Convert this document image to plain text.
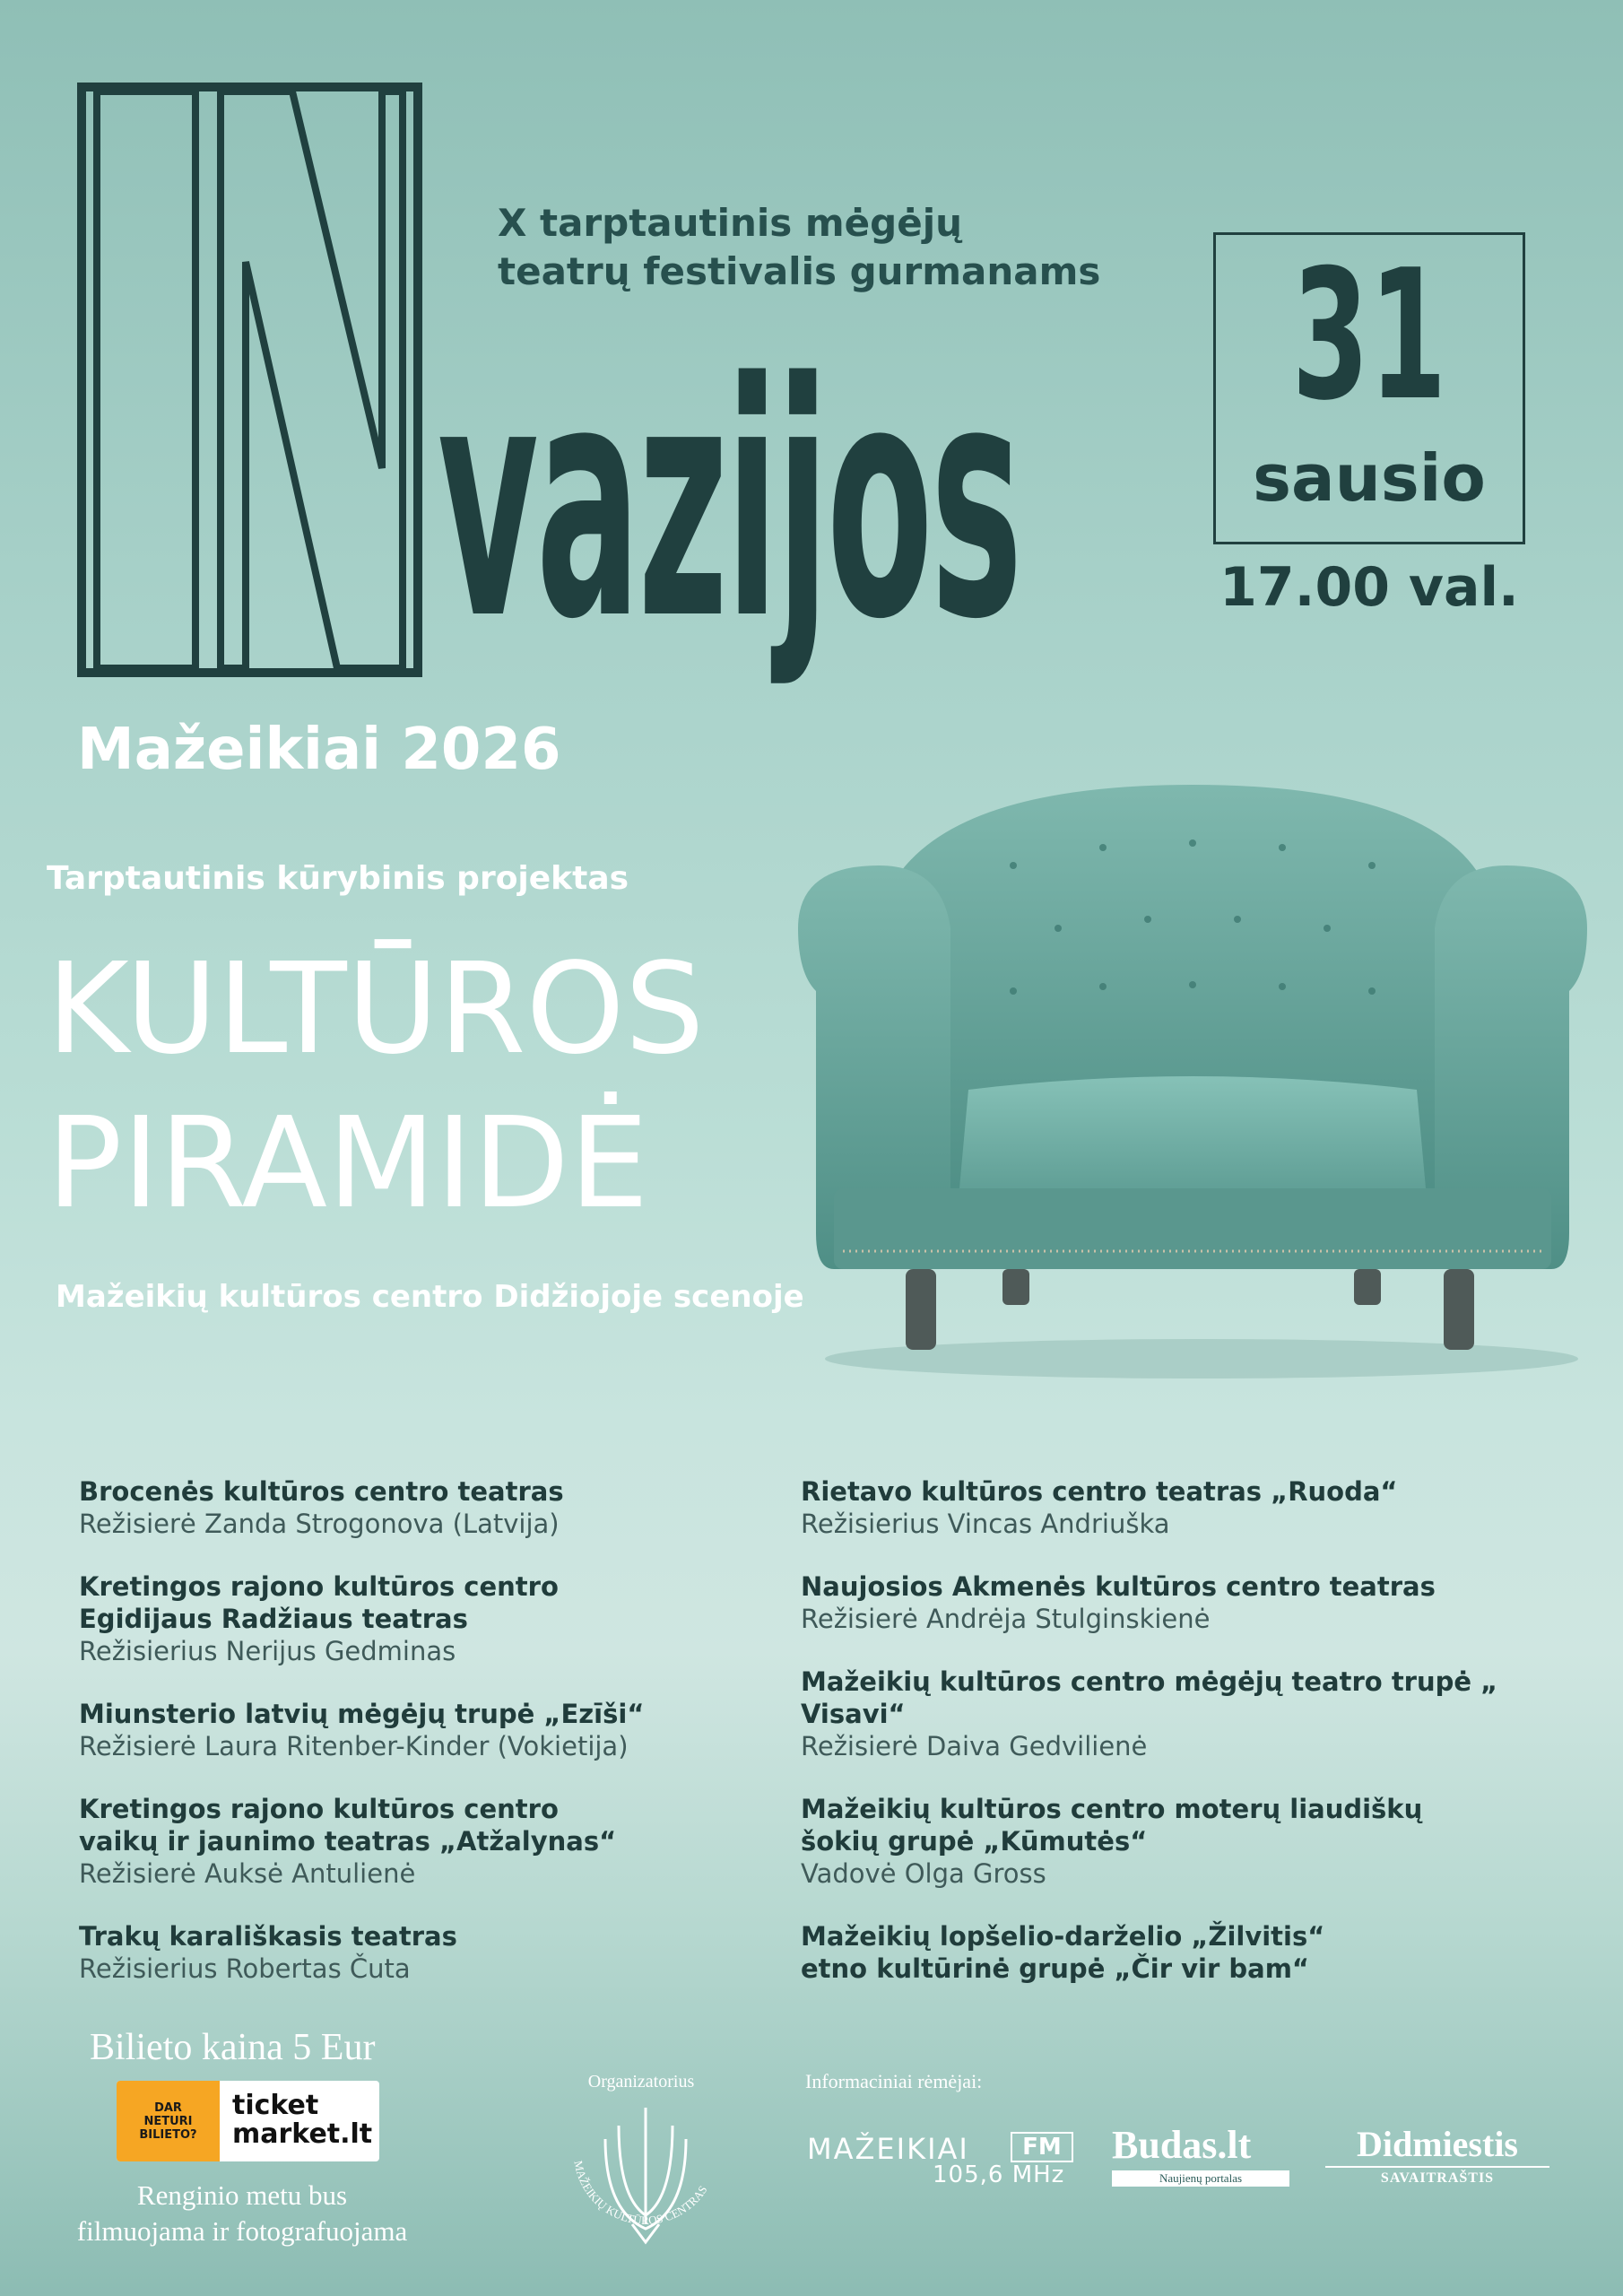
X tarptautinis mėgėjų
teatrų festivalis gurmanams
vazijos 31
sausio
17.00 val.
Mažeikiai 2026
Tarptautinis kūrybinis projektas
KULTŪROS
PIRAMIDĖ
Mažeikių kultūros centro Didžiojoje scenoje
Brocenės kultūros centro teatras
Režisierė Zanda Strogonova (Latvija)
Kretingos rajono kultūros centro
Egidijaus Radžiaus teatras
Režisierius Nerijus Gedminas
Miunsterio latvių mėgėjų trupė „Ezīši“
Režisierė Laura Ritenber-Kinder (Vokietija)
Kretingos rajono kultūros centro
vaikų ir jaunimo teatras „Atžalynas“
Režisierė Auksė Antulienė
Trakų karališkasis teatras
Režisierius Robertas Čuta
Rietavo kultūros centro teatras „Ruoda“
Režisierius Vincas Andriuška
Naujosios Akmenės kultūros centro teatras
Režisierė Andrėja Stulginskienė
Mažeikių kultūros centro mėgėjų teatro trupė „ Visavi“
Režisierė Daiva Gedvilienė
Mažeikių kultūros centro moterų liaudiškų
šokių grupė „Kūmutės“
Vadovė Olga Gross
Mažeikių lopšelio-darželio „Žilvitis“
etno kultūrinė grupė „Čir vir bam“
Bilieto kaina 5 Eur
DAR
NETURI
BILIETO?
ticket
market.lt
Renginio metu bus
filmuojama ir fotografuojama
Organizatorius
MAŽEIKIŲ KULTŪROS CENTRAS
Informaciniai rėmėjai:
MAŽEIKIAI	FM
105,6 MHz
Budas.lt
Naujienų portalas
Didmiestis
SAVAITRAŠTIS
